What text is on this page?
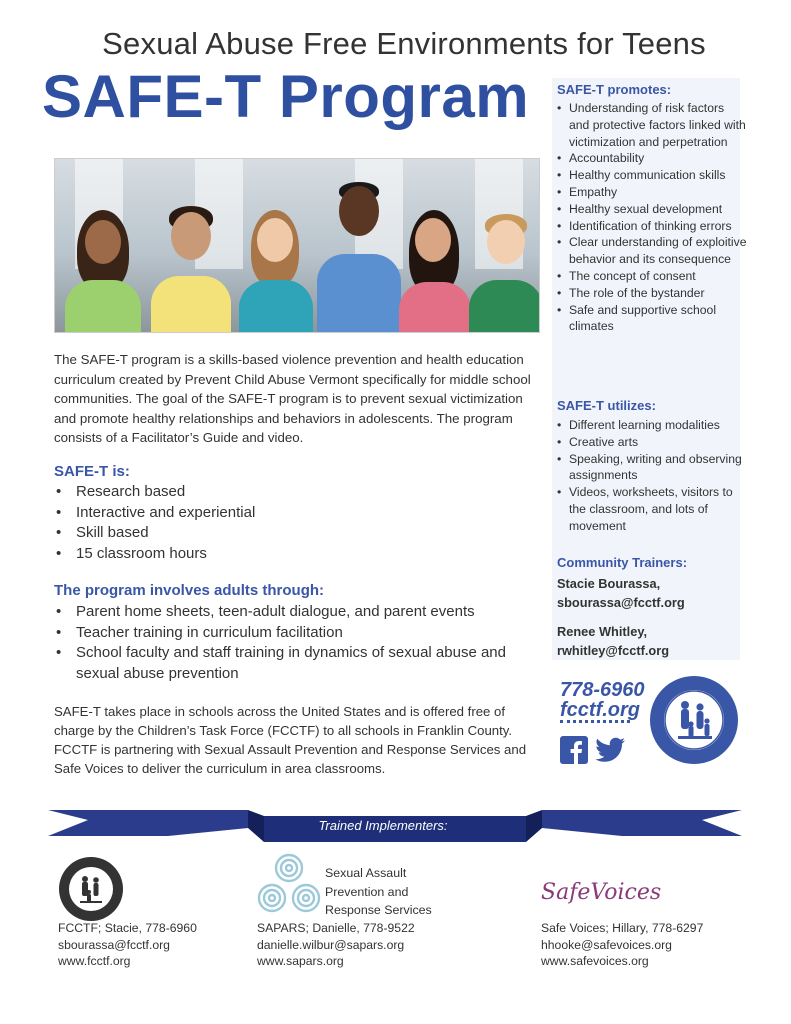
Sexual Abuse Free Environments for Teens
SAFE-T Program

The SAFE-T program is a skills-based violence prevention and health education curriculum created by Prevent Child Abuse Vermont specifically for middle school communities. The goal of the SAFE-T program is to prevent sexual victimization and promote healthy relationships and behaviors in adolescents. The program consists of a Facilitator’s Guide and video.

SAFE-T is:
• Research based
• Interactive and experiential
• Skill based
• 15 classroom hours
The program involves adults through:
• Parent home sheets, teen-adult dialogue, and parent events
• Teacher training in curriculum facilitation
• School faculty and staff training in dynamics of sexual abuse and sexual abuse prevention

SAFE-T takes place in schools across the United States and is offered free of charge by the Children’s Task Force (FCCTF) to all schools in Franklin County. FCCTF is partnering with Sexual Assault Prevention and Response Services and Safe Voices to deliver the curriculum in area classrooms.

SAFE-T promotes:
• Understanding of risk factors and protective factors linked with victimization and perpetration
• Accountability
• Healthy communication skills
• Empathy
• Healthy sexual development
• Identification of thinking errors
• Clear understanding of exploitive behavior and its consequence
• The concept of consent
• The role of the bystander
• Safe and supportive school climates
SAFE-T utilizes:
• Different learning modalities
• Creative arts
• Speaking, writing and observing assignments
• Videos, worksheets, visitors to the classroom, and lots of movement
Community Trainers:
Stacie Bourassa,
sbourassa@fcctf.org
Renee Whitley,
rwhitley@fcctf.org
778-6960
fcctf.org
Trained Implementers:
FCCTF; Stacie, 778-6960
sbourassa@fcctf.org
www.fcctf.org
Sexual Assault
Prevention and
Response Services
SAPARS; Danielle, 778-9522
danielle.wilbur@sapars.org
www.sapars.org
SafeVoices
Safe Voices; Hillary, 778-6297
hhooke@safevoices.org
www.safevoices.org
